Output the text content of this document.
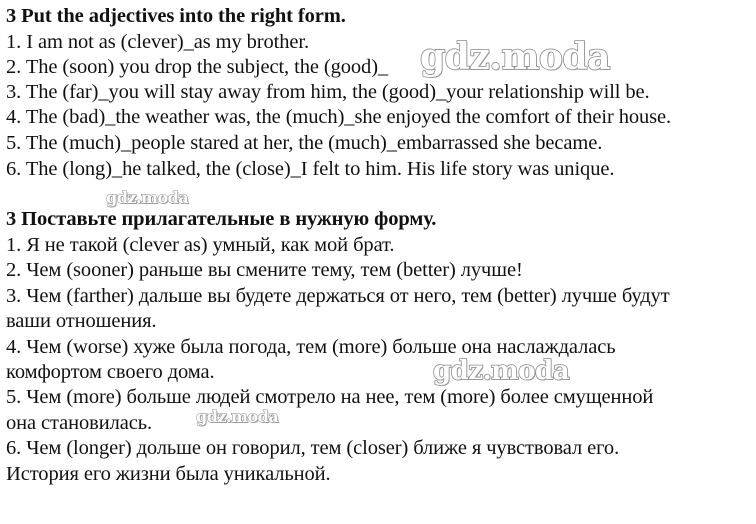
3 Put the adjectives into the right form.
1. I am not as (clever)_as my brother.
2. The (soon) you drop the subject, the (good)_
3. The (far)_you will stay away from him, the (good)_your relationship will be.
4. The (bad)_the weather was, the (much)_she enjoyed the comfort of their house.
5. The (much)_people stared at her, the (much)_embarrassed she became.
6. The (long)_he talked, the (close)_I felt to him. His life story was unique.
3 Поставьте прилагательные в нужную форму.
1. Я не такой (clever as) умный, как мой брат.
2. Чем (sooner) раньше вы смените тему, тем (better) лучше!
3. Чем (farther) дальше вы будете держаться от него, тем (better) лучше будут
ваши отношения.
4. Чем (worse) хуже была погода, тем (more) больше она наслаждалась
комфортом своего дома.
5. Чем (more) больше людей смотрело на нее, тем (more) более смущенной
она становилась.
6. Чем (longer) дольше он говорил, тем (closer) ближе я чувствовал его.
История его жизни была уникальной.
gdz.moda
gdz.moda
gdz.moda
gdz.moda
